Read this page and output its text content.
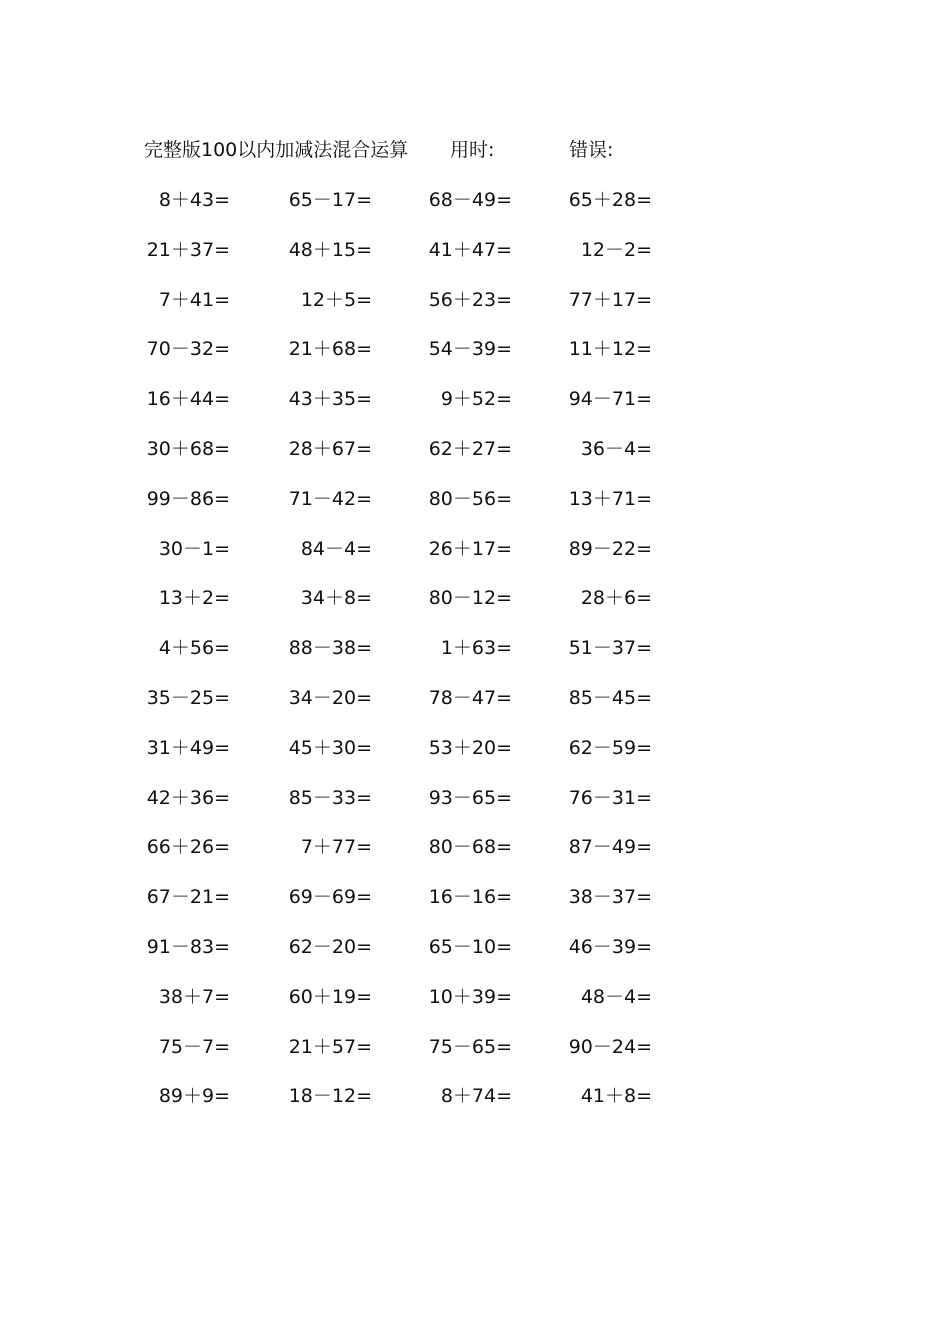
完整版100以内加减法混合运算 用时:	错误:
8＋43=	65－17=	68－49=	65＋28=
21＋37=	48＋15=	41＋47=	12－2=
7＋41=	12＋5=	56＋23=	77＋17=
70－32=	21＋68=	54－39=	11＋12=
16＋44=	43＋35=	9＋52=	94－71=
30＋68=	28＋67=	62＋27=	36－4=
99－86=	71－42=	80－56=	13＋71=
30－1=	84－4=	26＋17=	89－22=
13＋2=	34＋8=	80－12=	28＋6=
4＋56=	88－38=	1＋63=	51－37=
35－25=	34－20=	78－47=	85－45=
31＋49=	45＋30=	53＋20=	62－59=
42＋36=	85－33=	93－65=	76－31=
66＋26=	7＋77=	80－68=	87－49=
67－21=	69－69=	16－16=	38－37=
91－83=	62－20=	65－10=	46－39=
38＋7=	60＋19=	10＋39=	48－4=
75－7=	21＋57=	75－65=	90－24=
89＋9=	18－12=	8＋74=	41＋8=
